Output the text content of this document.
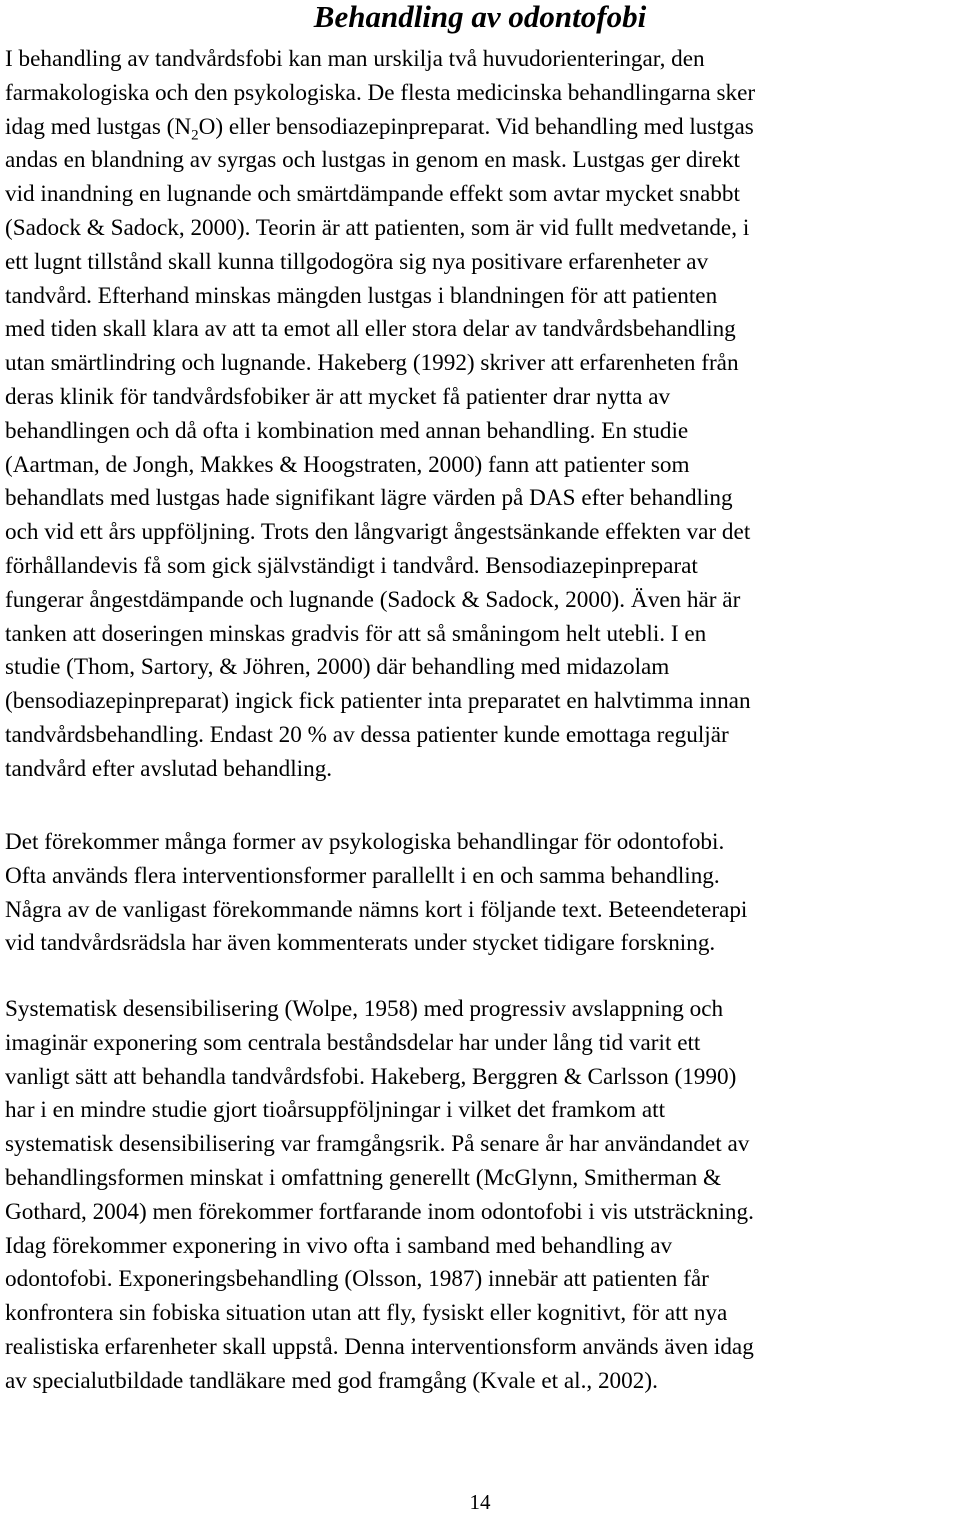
Behandling av odontofobi
I behandling av tandvårdsfobi kan man urskilja två huvudorienteringar, den
farmakologiska och den psykologiska. De flesta medicinska behandlingarna sker
idag med lustgas $(N_2O)$ eller bensodiazepinpreparat. Vid behandling med lustgas
andas en blandning av syrgas och lustgas in genom en mask. Lustgas ger direkt
vid inandning en lugnande och smärtdämpande effekt som avtar mycket snabbt
(Sadock & Sadock, 2000). Teorin är att patienten, som är vid fullt medvetande, i
ett lugnt tillstånd skall kunna tillgodogöra sig nya positivare erfarenheter av
tandvård. Efterhand minskas mängden lustgas i blandningen för att patienten
med tiden skall klara av att ta emot all eller stora delar av tandvårdsbehandling
utan smärtlindring och lugnande. Hakeberg (1992) skriver att erfarenheten från
deras klinik för tandvårdsfobiker är att mycket få patienter drar nytta av
behandlingen och då ofta i kombination med annan behandling. En studie
(Aartman, de Jongh, Makkes & Hoogstraten, 2000) fann att patienter som
behandlats med lustgas hade signifikant lägre värden på DAS efter behandling
och vid ett års uppföljning. Trots den långvarigt ångestsänkande effekten var det
förhållandevis få som gick självständigt i tandvård. Bensodiazepinpreparat
fungerar ångestdämpande och lugnande (Sadock & Sadock, 2000). Även här är
tanken att doseringen minskas gradvis för att så småningom helt utebli. I en
studie (Thom, Sartory, & Jöhren, 2000) där behandling med midazolam
(bensodiazepinpreparat) ingick fick patienter inta preparatet en halvtimma innan
tandvårdsbehandling. Endast 20 % av dessa patienter kunde emottaga reguljär
tandvård efter avslutad behandling.
Det förekommer många former av psykologiska behandlingar för odontofobi.
Ofta används flera interventionsformer parallellt i en och samma behandling.
Några av de vanligast förekommande nämns kort i följande text. Beteendeterapi
vid tandvårdsrädsla har även kommenterats under stycket tidigare forskning.
Systematisk desensibilisering (Wolpe, 1958) med progressiv avslappning och
imaginär exponering som centrala beståndsdelar har under lång tid varit ett
vanligt sätt att behandla tandvårdsfobi. Hakeberg, Berggren & Carlsson (1990)
har i en mindre studie gjort tioårsuppföljningar i vilket det framkom att
systematisk desensibilisering var framgångsrik. På senare år har användandet av
behandlingsformen minskat i omfattning generellt (McGlynn, Smitherman &
Gothard, 2004) men förekommer fortfarande inom odontofobi i vis utsträckning.
Idag förekommer exponering in vivo ofta i samband med behandling av
odontofobi. Exponeringsbehandling (Olsson, 1987) innebär att patienten får
konfrontera sin fobiska situation utan att fly, fysiskt eller kognitivt, för att nya
realistiska erfarenheter skall uppstå. Denna interventionsform används även idag
av specialutbildade tandläkare med god framgång (Kvale et al., 2002).
14
